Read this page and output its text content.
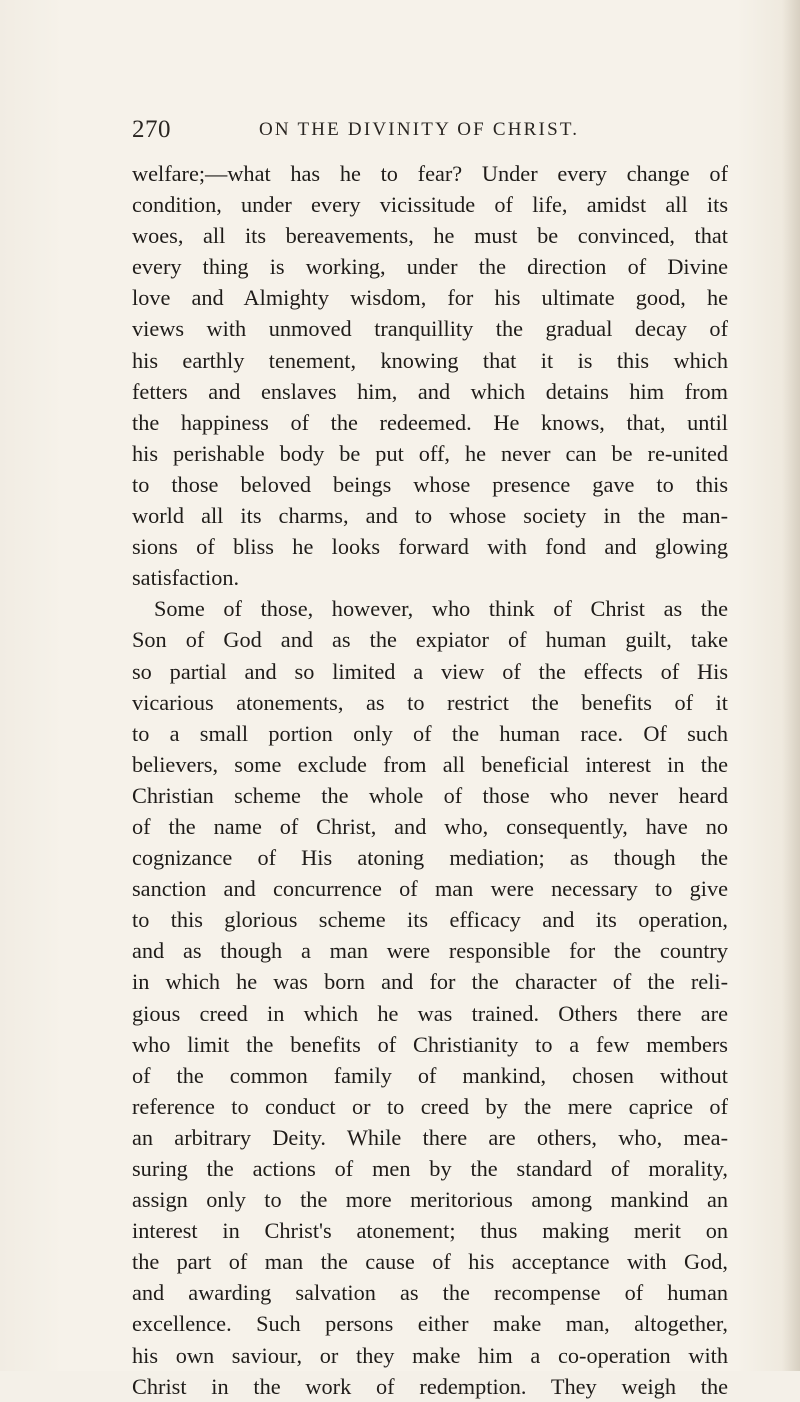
270	ON THE DIVINITY OF CHRIST.
welfare;—what has he to fear? Under every change of
condition, under every vicissitude of life, amidst all its
woes, all its bereavements, he must be convinced, that
every thing is working, under the direction of Divine
love and Almighty wisdom, for his ultimate good, he
views with unmoved tranquillity the gradual decay of
his earthly tenement, knowing that it is this which
fetters and enslaves him, and which detains him from
the happiness of the redeemed. He knows, that, until
his perishable body be put off, he never can be re-united
to those beloved beings whose presence gave to this
world all its charms, and to whose society in the man-
sions of bliss he looks forward with fond and glowing
satisfaction.
Some of those, however, who think of Christ as the
Son of God and as the expiator of human guilt, take
so partial and so limited a view of the effects of His
vicarious atonements, as to restrict the benefits of it
to a small portion only of the human race. Of such
believers, some exclude from all beneficial interest in the
Christian scheme the whole of those who never heard
of the name of Christ, and who, consequently, have no
cognizance of His atoning mediation; as though the
sanction and concurrence of man were necessary to give
to this glorious scheme its efficacy and its operation,
and as though a man were responsible for the country
in which he was born and for the character of the reli-
gious creed in which he was trained. Others there are
who limit the benefits of Christianity to a few members
of the common family of mankind, chosen without
reference to conduct or to creed by the mere caprice of
an arbitrary Deity. While there are others, who, mea-
suring the actions of men by the standard of morality,
assign only to the more meritorious among mankind an
interest in Christ's atonement; thus making merit on
the part of man the cause of his acceptance with God,
and awarding salvation as the recompense of human
excellence. Such persons either make man, altogether,
his own saviour, or they make him a co-operation with
Christ in the work of redemption. They weigh the
